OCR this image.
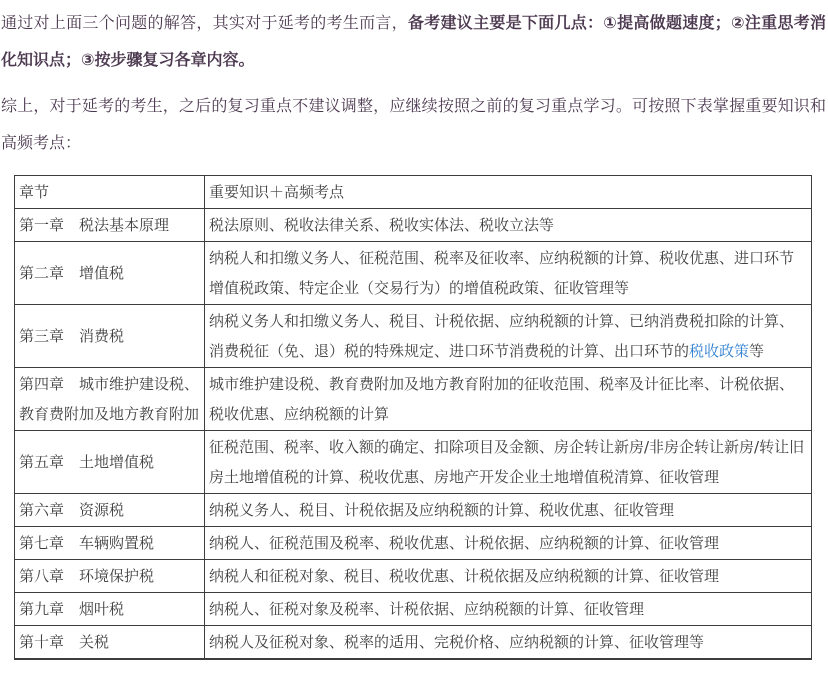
通过对上面三个问题的解答，其实对于延考的考生而言，备考建议主要是下面几点：①提高做题速度；②注重思考消化知识点；③按步骤复习各章内容。

综上，对于延考的考生，之后的复习重点不建议调整，应继续按照之前的复习重点学习。可按照下表掌握重要知识和高频考点：

章节	重要知识＋高频考点
第一章　税法基本原理	税法原则、税收法律关系、税收实体法、税收立法等
第二章　增值税	纳税人和扣缴义务人、征税范围、税率及征收率、应纳税额的计算、税收优惠、进口环节增值税政策、特定企业（交易行为）的增值税政策、征收管理等
第三章　消费税	纳税义务人和扣缴义务人、税目、计税依据、应纳税额的计算、已纳消费税扣除的计算、消费税征（免、退）税的特殊规定、进口环节消费税的计算、出口环节的税收政策等
第四章　城市维护建设税、教育费附加及地方教育附加	城市维护建设税、教育费附加及地方教育附加的征收范围、税率及计征比率、计税依据、税收优惠、应纳税额的计算
第五章　土地增值税	征税范围、税率、收入额的确定、扣除项目及金额、房企转让新房/非房企转让新房/转让旧房土地增值税的计算、税收优惠、房地产开发企业土地增值税清算、征收管理
第六章　资源税	纳税义务人、税目、计税依据及应纳税额的计算、税收优惠、征收管理
第七章　车辆购置税	纳税人、征税范围及税率、税收优惠、计税依据、应纳税额的计算、征收管理
第八章　环境保护税	纳税人和征税对象、税目、税收优惠、计税依据及应纳税额的计算、征收管理
第九章　烟叶税	纳税人、征税对象及税率、计税依据、应纳税额的计算、征收管理
第十章　关税	纳税人及征税对象、税率的适用、完税价格、应纳税额的计算、征收管理等
